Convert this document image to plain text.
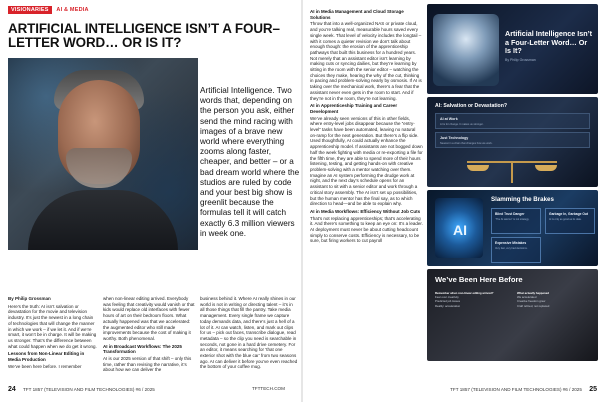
VISIONARIES AI & MEDIA
ARTIFICIAL INTELLIGENCE ISN’T A FOUR–LETTER WORD… OR IS IT?
Artificial Intelligence. Two words that, depending on the person you ask, either send the mind racing with images of a brave new world where everything zooms along faster, cheaper, and better – or a bad dream world where the studios are ruled by code and your best big show is greenlit because the formulas tell it will catch exactly 6.3 million viewers in week one.

By Philip Grossman

Here’s the truth: AI isn’t salvation or devastation for the movie and television industry. It’s just the newest in a long chain of technologies that will change the manner in which we work – if we let it. And if we’re smart, it won’t be in charge. It will be making us stronger. That’s the difference between what could happen when we do get it wrong.

Lessons from Non-Linear Editing in Media Production

We’ve been here before. I remember

when non-linear editing arrived. Everybody was feeling that creativity would vanish or that kids would replace old interfaces with fewer hours of art on their bedroom floors. What actually happened was that we accelerated: the augmented editor who still made improvements because the cost of making it worthy. Both phenomenal.

AI in Broadcast Workflows: The 2025 Transformation

AI is our 2025 version of that shift – only this time, rather than revising the narrative, it’s about how we can deliver the

business behind it. Where AI really shines in our world is not in writing or directing talent – it’s in all those things that fill the pantry. Take media management. Every single frame we capture today demands data, and there’s just a hell of a lot of it. AI can watch, listen, and mark out clips for us – pick out faces, transcribe dialogue, read metadata – so the clip you need is searchable in seconds, not gone in a hard drive cemetery. For an editor, it means searching for ‘that one exterior shot with the blue car’ from two seasons ago. AI can deliver it before you’ve even reached the bottom of your coffee mug.

24 TFT 1857 (TELEVISION AND FILM TECHNOLOGIES) #6 / 2025	TFTTECH.COM

AI in Media Management and Cloud Storage Solutions

Throw that into a well-organized NAS or private cloud, and you’re talking real, measurable hours saved every single week. That level of velocity includes the longtail – with it comes a quieter revision we don’t talk about enough though: the erosion of the apprenticeship pathways that built this business for a hundred years. Not merely that an assistant editor isn’t learning by making cuts or syncing dailies, but they’re learning by sitting in the room with the senior editor – watching the choices they make, hearing the why of the cut, thinking in pacing and problem-solving nearly by osmosis. If AI is taking over the mechanical work, there’s a fear that the assistant never even gets in the room to start. And if they’re not in the room, they’re not learning.

AI in Apprenticeship Training and Career Development

We’ve already seen versions of this in other fields, where entry-level jobs disappear because the “entry-level” tasks have been automated, leaving no natural on-ramp for the next generation. But there’s a flip side. Used thoughtfully, AI could actually enhance the apprenticeship model. If assistants are not bogged down half the week fighting with media or re-exporting a file for the fifth time, they are able to spend more of their hours listening, testing, and getting hands-on with creative problem-solving with a mentor watching over them. Imagine an AI system performing the drudge work at night, and the next day’s schedule opens for an assistant to sit with a senior editor and work through a critical story assembly. The AI isn’t set up possibilities, but the human mentor has the final say, as to which direction to head—and be able to explain why.

AI in Media Workflows: Efficiency Without Job Cuts

That’s not replacing apprenticeships; that’s accelerating it. And there’s something to keep an eye on: It’s a leader. AI deployment must never be about cutting headcount simply to conserve costs. Efficiency is necessary, to be sure, but firing workers to cut payroll

Artificial Intelligence Isn’t a Four-Letter Word… Or Is It?
By Philip Grossman
AI: Salvation or Devastation?
AI at Work
AI is for change. It makes us stronger.
Just Technology
Newest in a chain that changes how we work.
AI
Slamming the Brakes
Blind Trust Danger
“The AI said so” is not strategy.
Garbage In, Garbage Out
AI is only as good as its data.
Expensive Mistakes
Very fast, very bad decisions.
We’ve Been Here Before
Remember when non-linear editing arrived?
Fear over creativity
Predicted job losses
Reality: acceleration
What actually happened
We accelerated
Creative freedom grew
Craft refined, not replaced
TFT 1857 (TELEVISION AND FILM TECHNOLOGIES) #6 / 2025 25
